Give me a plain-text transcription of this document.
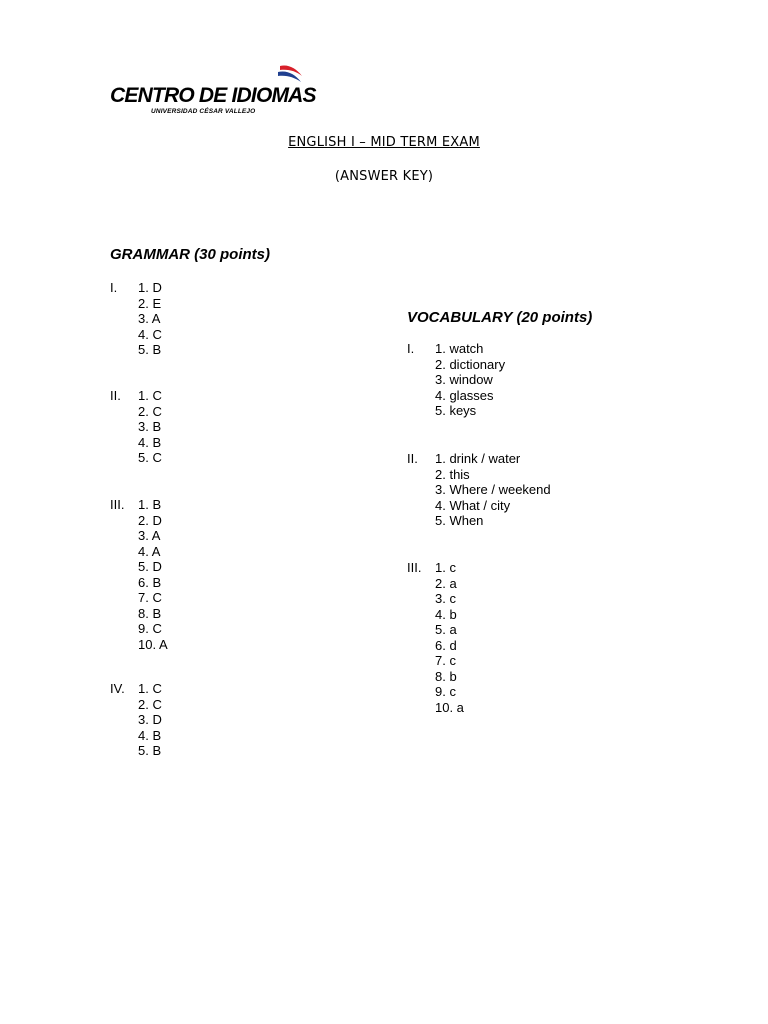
CENTRO DE IDIOMAS
UNIVERSIDAD CÉSAR VALLEJO
ENGLISH I – MID TERM EXAM
(ANSWER KEY)
GRAMMAR (30 points)
I. 1. D
2. E
3. A
4. C
5. B
II. 1. C
2. C
3. B
4. B
5. C
III. 1. B
2. D
3. A
4. A
5. D
6. B
7. C
8. B
9. C
10. A
IV. 1. C
2. C
3. D
4. B
5. B
VOCABULARY (20 points)
I. 1. watch
2. dictionary
3. window
4. glasses
5. keys
II. 1. drink / water
2. this
3. Where / weekend
4. What / city
5. When
III. 1. c
2. a
3. c
4. b
5. a
6. d
7. c
8. b
9. c
10. a
